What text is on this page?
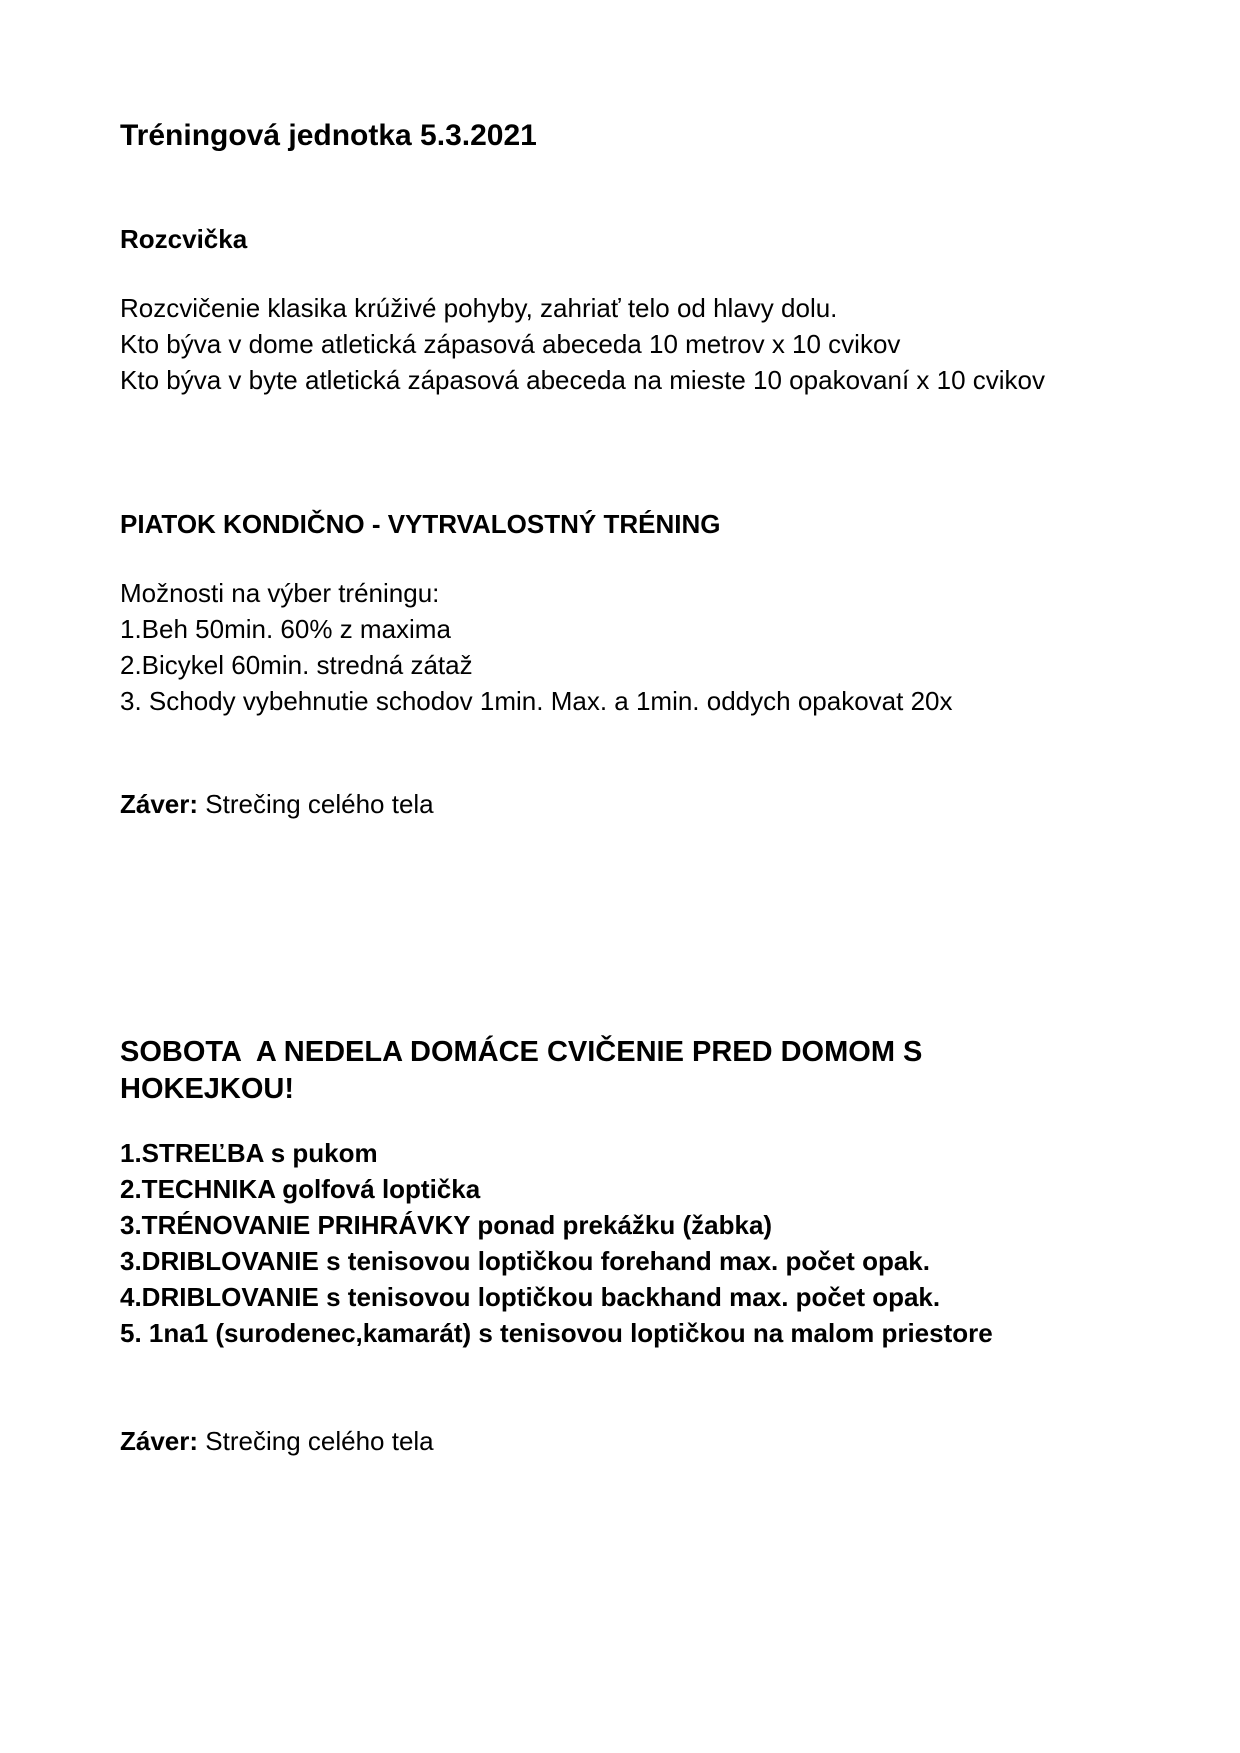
Tréningová jednotka 5.3.2021
Rozcvička
Rozcvičenie klasika krúživé pohyby, zahriať telo od hlavy dolu.
Kto býva v dome atletická zápasová abeceda 10 metrov x 10 cvikov
Kto býva v byte atletická zápasová abeceda na mieste 10 opakovaní x 10 cvikov
PIATOK KONDIČNO - VYTRVALOSTNÝ TRÉNING
Možnosti na výber tréningu:
1.Beh 50min. 60% z maxima
2.Bicykel 60min. stredná zátaž
3. Schody vybehnutie schodov 1min. Max. a 1min. oddych opakovat 20x
Záver: Strečing celého tela
SOBOTA  A NEDELA DOMÁCE CVIČENIE PRED DOMOM S HOKEJKOU!
1.STREĽBA s pukom
2.TECHNIKA golfová loptička
3.TRÉNOVANIE PRIHRÁVKY ponad prekážku (žabka)
3.DRIBLOVANIE s tenisovou loptičkou forehand max. počet opak.
4.DRIBLOVANIE s tenisovou loptičkou backhand max. počet opak.
5. 1na1 (surodenec,kamarát) s tenisovou loptičkou na malom priestore
Záver: Strečing celého tela
